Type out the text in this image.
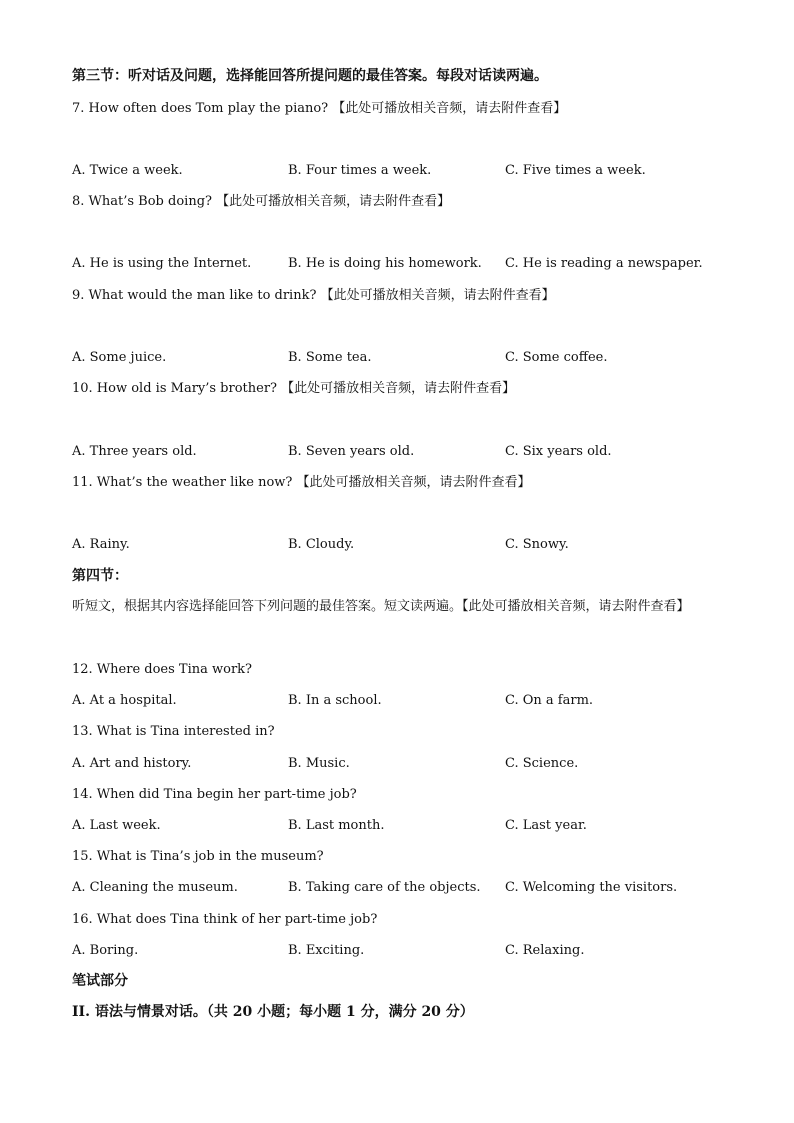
第三节：听对话及问题，选择能回答所提问题的最佳答案。每段对话读两遍。
7. How often does Tom play the piano? 【此处可播放相关音频，请去附件查看】
A. Twice a week.	B. Four times a week.	C. Five times a week.
8. What’s Bob doing? 【此处可播放相关音频，请去附件查看】
A. He is using the Internet.	B. He is doing his homework. C. He is reading a newspaper.
9. What would the man like to drink? 【此处可播放相关音频，请去附件查看】
A. Some juice.	B. Some tea.	C. Some coffee.
10. How old is Mary’s brother? 【此处可播放相关音频，请去附件查看】
A. Three years old.	B. Seven years old.	C. Six years old.
11. What’s the weather like now? 【此处可播放相关音频，请去附件查看】
A. Rainy.	B. Cloudy.	C. Snowy.
第四节：
听短文，根据其内容选择能回答下列问题的最佳答案。短文读两遍。【此处可播放相关音频，请去附件查看】
12. Where does Tina work?
A. At a hospital.	B. In a school.	C. On a farm.
13. What is Tina interested in?
A. Art and history.	B. Music.	C. Science.
14. When did Tina begin her part-time job?
A. Last week.	B. Last month.	C. Last year.
15. What is Tina’s job in the museum?
A. Cleaning the museum.	B. Taking care of the objects. C. Welcoming the visitors.
16. What does Tina think of her part-time job?
A. Boring.	B. Exciting.	C. Relaxing.
笔试部分
II. 语法与情景对话。（共 20 小题；每小题 1 分，满分 20 分）
